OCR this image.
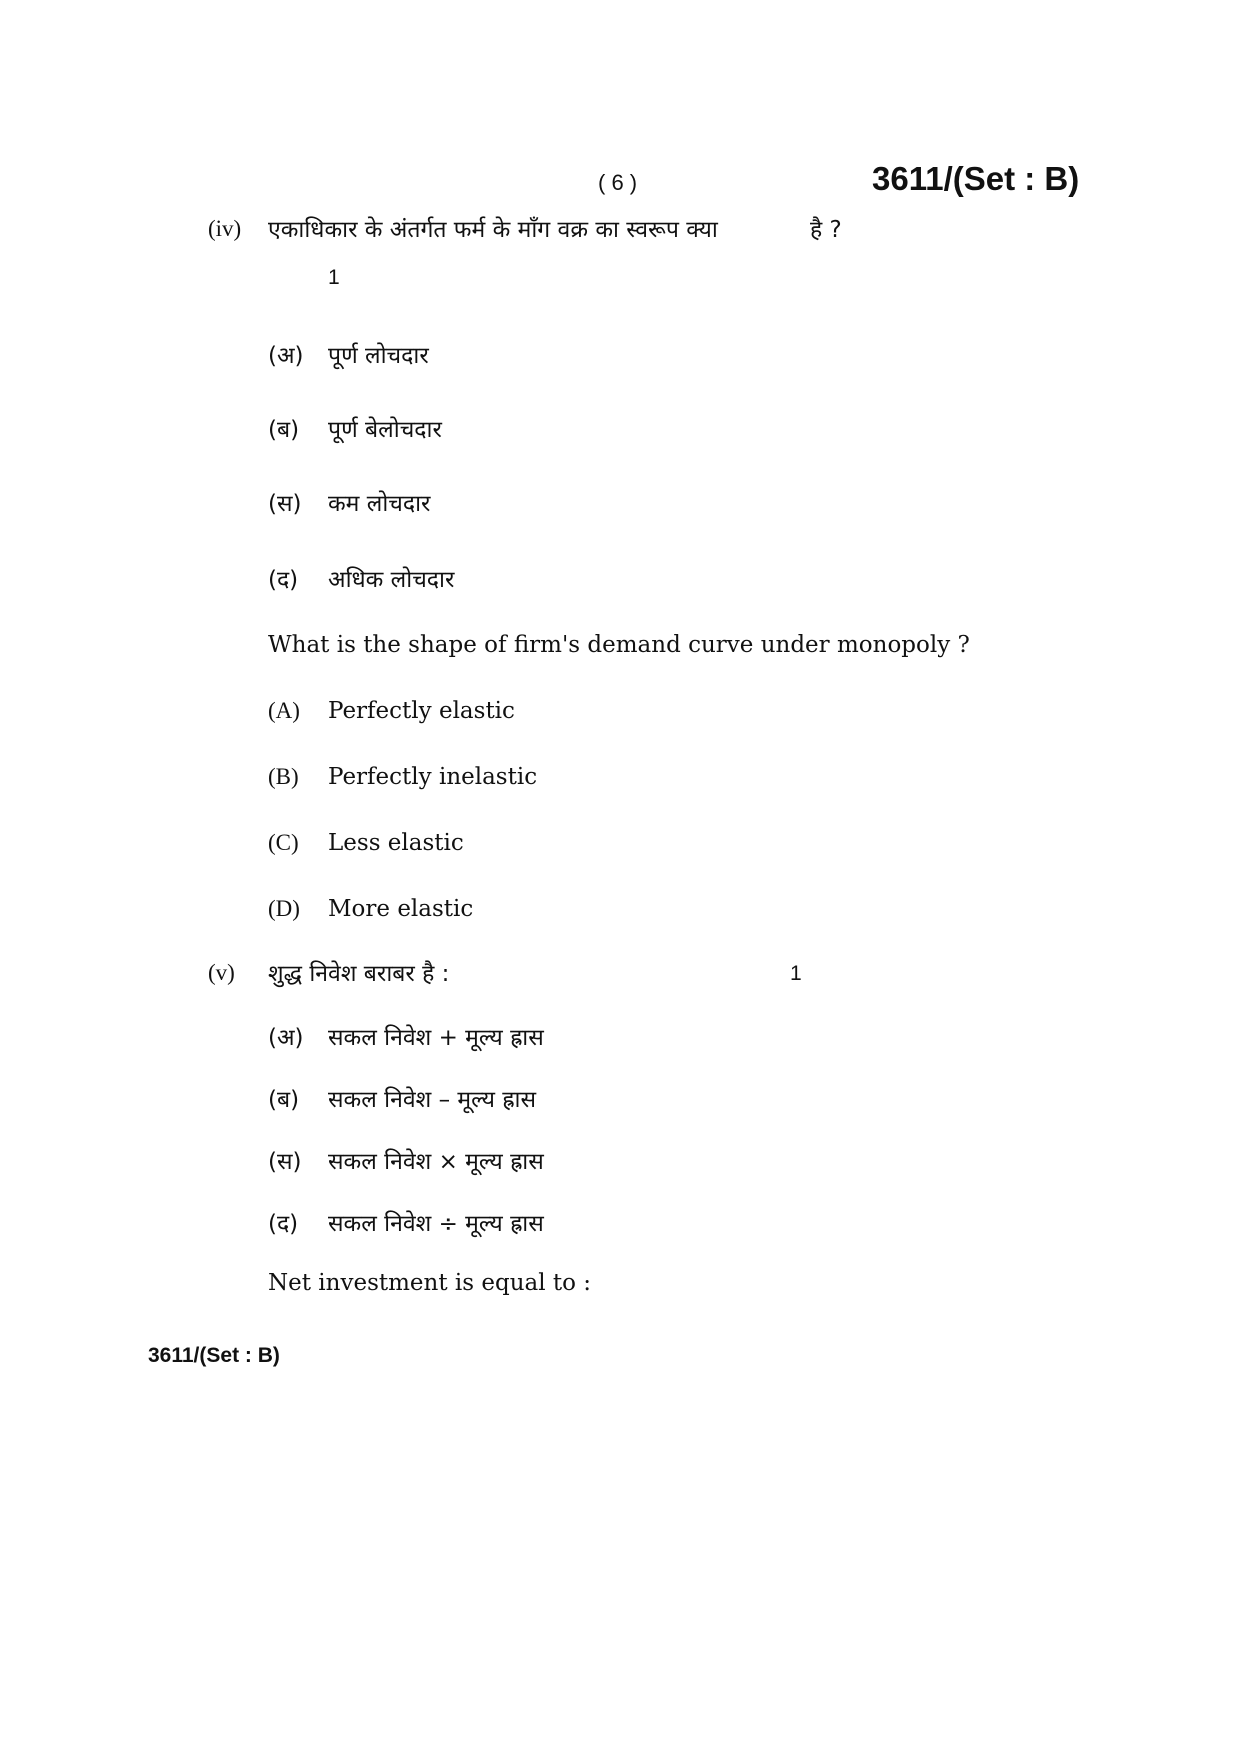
( 6 )	3611/(Set : B)
(iv) एकाधिकार के अंतर्गत फर्म के माँग वक्र का स्वरूप क्या	है ?
1
(अ) पूर्ण लोचदार
(ब) पूर्ण बेलोचदार
(स) कम लोचदार
(द) अधिक लोचदार
What is the shape of firm's demand curve under monopoly ?
(A) Perfectly elastic
(B) Perfectly inelastic
(C) Less elastic
(D) More elastic
(v) शुद्ध निवेश बराबर है :	1
(अ) सकल निवेश + मूल्य ह्रास
(ब) सकल निवेश – मूल्य ह्रास
(स) सकल निवेश × मूल्य ह्रास
(द) सकल निवेश ÷ मूल्य ह्रास
Net investment is equal to :
3611/(Set : B)
